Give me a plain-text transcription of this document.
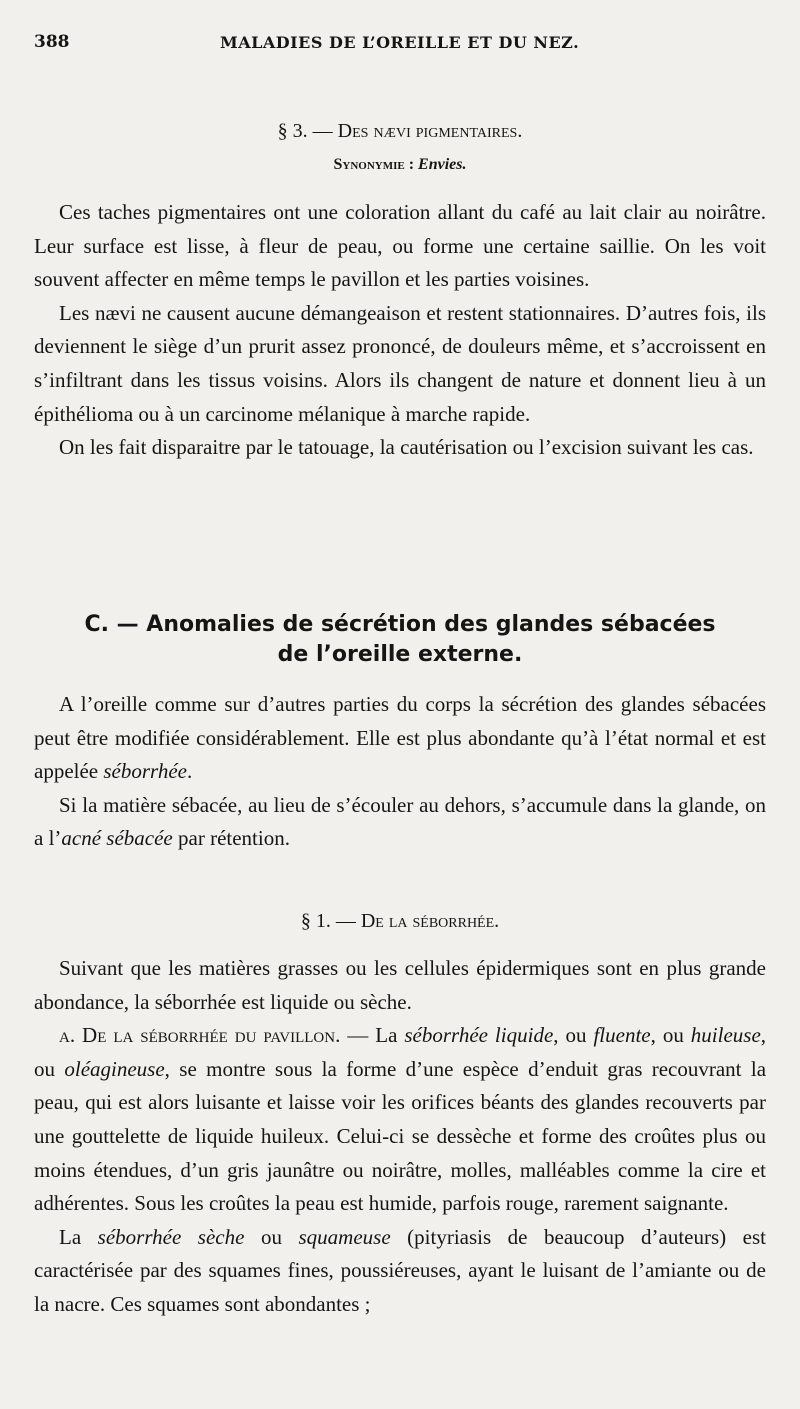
388	MALADIES DE L’OREILLE ET DU NEZ.
§ 3. — Des nævi pigmentaires.
Synonymie : Envies.

Ces taches pigmentaires ont une coloration allant du café au lait clair au noirâtre. Leur surface est lisse, à fleur de peau, ou forme une certaine saillie. On les voit souvent affecter en même temps le pavillon et les parties voisines.

Les nævi ne causent aucune démangeaison et restent stationnaires. D’autres fois, ils deviennent le siège d’un prurit assez prononcé, de douleurs même, et s’accroissent en s’infiltrant dans les tissus voisins. Alors ils changent de nature et donnent lieu à un épithélioma ou à un carcinome mélanique à marche rapide.

On les fait disparaitre par le tatouage, la cautérisation ou l’excision suivant les cas.

C. — Anomalies de sécrétion des glandes sébacées
de l’oreille externe.

A l’oreille comme sur d’autres parties du corps la sécrétion des glandes sébacées peut être modifiée considérablement. Elle est plus abondante qu’à l’état normal et est appelée séborrhée.

Si la matière sébacée, au lieu de s’écouler au dehors, s’accumule dans la glande, on a l’acné sébacée par rétention.

§ 1. — De la séborrhée.

Suivant que les matières grasses ou les cellules épidermiques sont en plus grande abondance, la séborrhée est liquide ou sèche.

a. De la séborrhée du pavillon. — La séborrhée liquide, ou fluente, ou huileuse, ou oléagineuse, se montre sous la forme d’une espèce d’enduit gras recouvrant la peau, qui est alors luisante et laisse voir les orifices béants des glandes recouverts par une gouttelette de liquide huileux. Celui-ci se dessèche et forme des croûtes plus ou moins étendues, d’un gris jaunâtre ou noirâtre, molles, malléables comme la cire et adhérentes. Sous les croûtes la peau est humide, parfois rouge, rarement saignante.

La séborrhée sèche ou squameuse (pityriasis de beaucoup d’auteurs) est caractérisée par des squames fines, poussiéreuses, ayant le luisant de l’amiante ou de la nacre. Ces squames sont abondantes ;
